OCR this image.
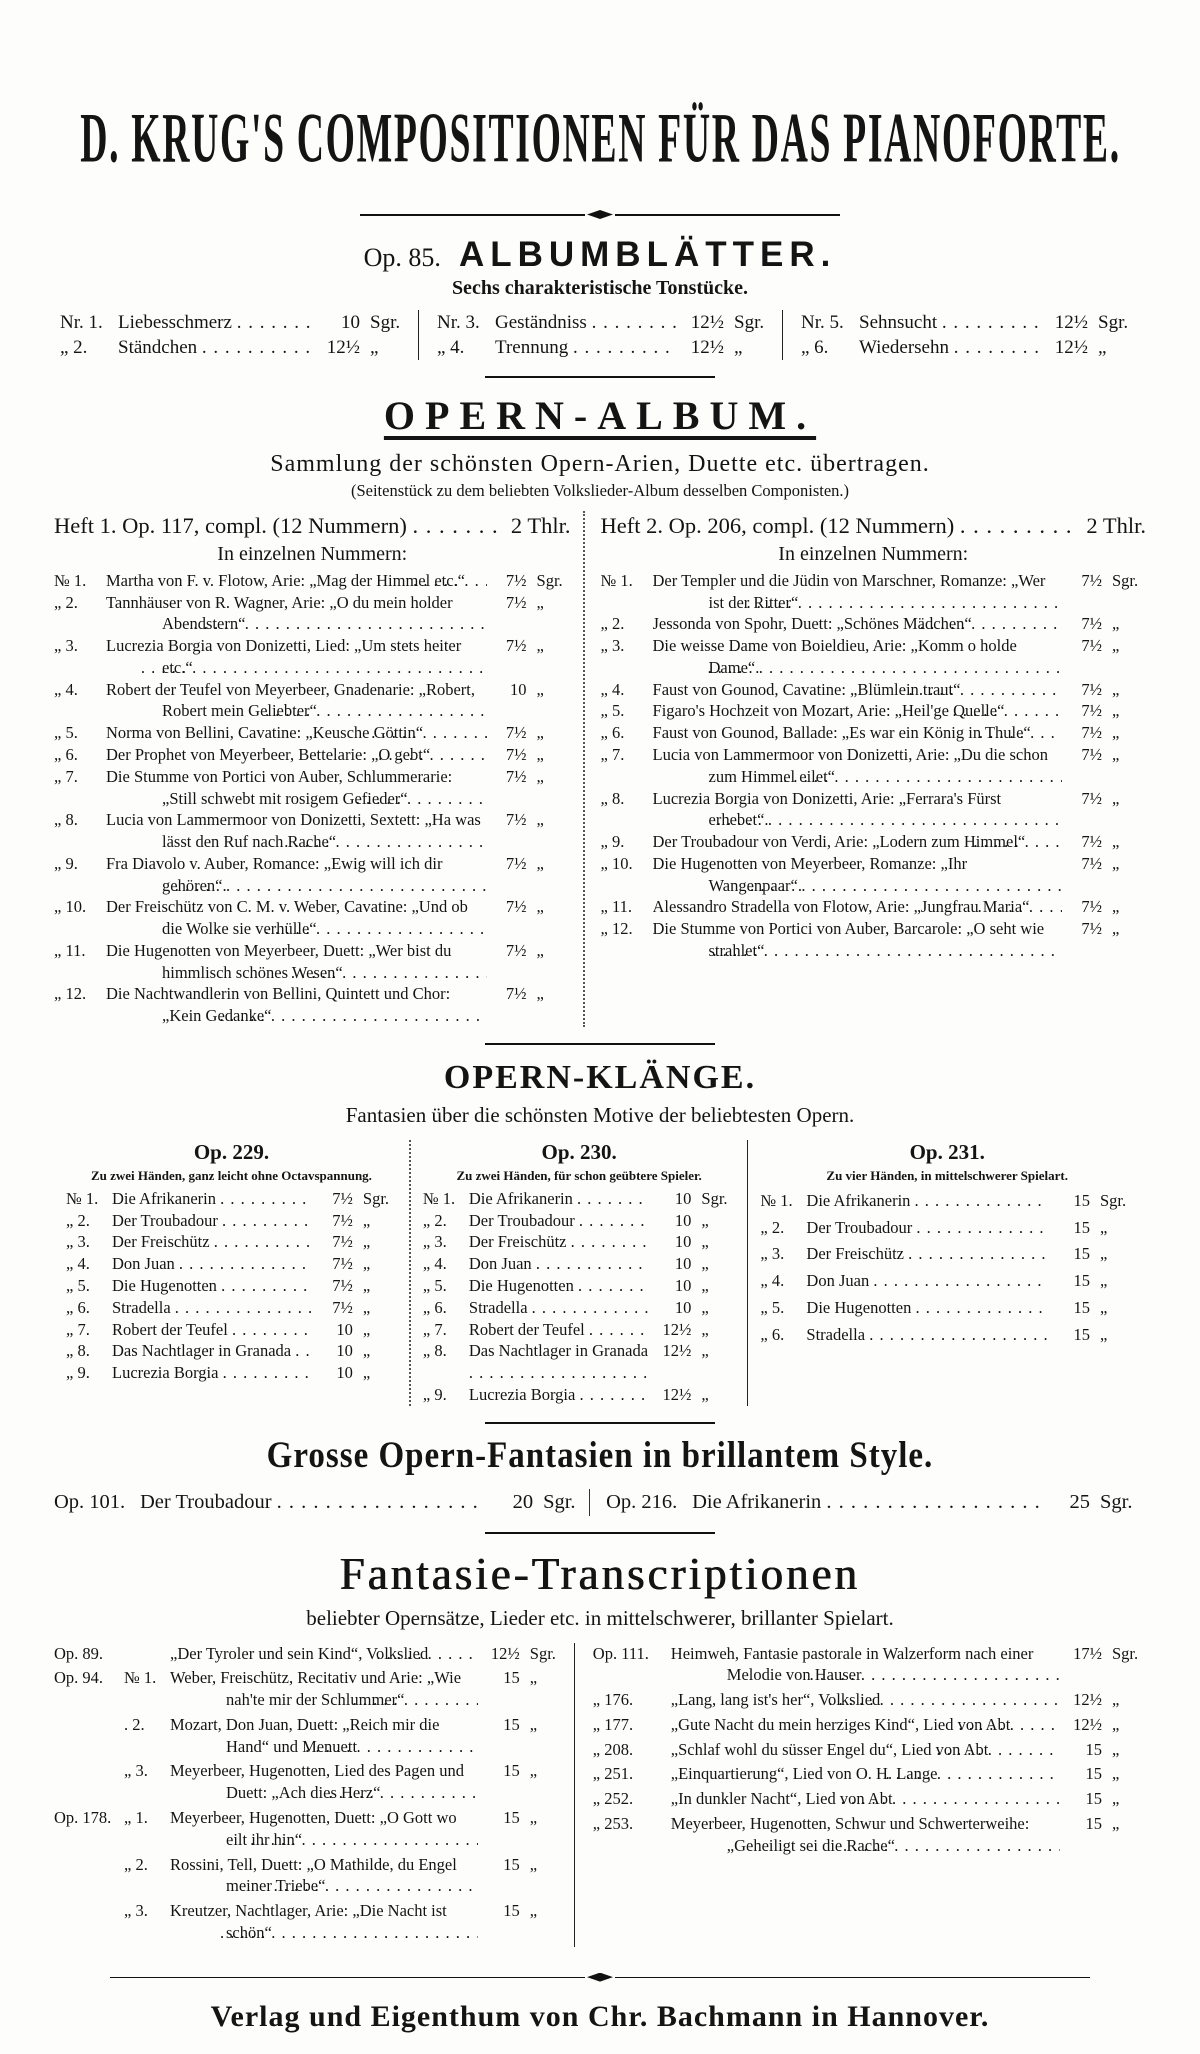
D. KRUG'S COMPOSITIONEN FÜR DAS PIANOFORTE.
Op. 85. ALBUMBLÄTTER.
Sechs charakteristische Tonstücke.
Nr. 1. Liebesschmerz	10 Sgr.
„ 2.	Ständchen	12½ „
Nr. 3. Geständniss	12½ Sgr.
„ 4.	Trennung	12½ „
Nr. 5. Sehnsucht	12½ Sgr.
„ 6.	Wiedersehn	12½ „
OPERN-ALBUM.
Sammlung der schönsten Opern-Arien, Duette etc. übertragen.
(Seitenstück zu dem beliebten Volkslieder-Album desselben Componisten.)
Heft 1. Op. 117, compl. (12 Nummern)	2 Thlr.
In einzelnen Nummern:
№ 1.	Martha von F. v. Flotow, Arie: „Mag der Himmel etc.“	7½ Sgr.
„ 2.	Tannhäuser von R. Wagner, Arie: „O du mein holder Abendstern“
7½ „
„ 3.	Lucrezia Borgia von Donizetti, Lied: „Um stets heiter etc.“
7½ „
„ 4.	Robert der Teufel von Meyerbeer, Gnadenarie: „Robert, Robert mein Geliebter“
10 „
„ 5.	Norma von Bellini, Cavatine: „Keusche Göttin“	7½ „
„ 6.	Der Prophet von Meyerbeer, Bettelarie: „O gebt“	7½ „
„ 7.	Die Stumme von Portici von Auber, Schlummerarie: „Still schwebt mit rosigem Gefieder“
7½ „
„ 8.	Lucia von Lammermoor von Donizetti, Sextett: „Ha was lässt den Ruf nach Rache“
7½ „
„ 9.	Fra Diavolo v. Auber, Romance: „Ewig will ich dir gehören“.
7½ „
„ 10.	Der Freischütz von C. M. v. Weber, Cavatine: „Und ob die Wolke sie verhülle“
7½ „
„ 11.	Die Hugenotten von Meyerbeer, Duett: „Wer bist du himmlisch schönes Wesen“
7½ „
„ 12.	Die Nachtwandlerin von Bellini, Quintett und Chor: „Kein Gedanke“
7½ „
Heft 2. Op. 206, compl. (12 Nummern)	2 Thlr.
In einzelnen Nummern:
№ 1.	Der Templer und die Jüdin von Marschner, Romanze: „Wer ist der Ritter“
7½ Sgr.
„ 2.	Jessonda von Spohr, Duett: „Schönes Mädchen“	7½ „
„ 3.	Die weisse Dame von Boieldieu, Arie: „Komm o holde Dame“.
7½ „
„ 4.	Faust von Gounod, Cavatine: „Blümlein traut“	7½ „
„ 5.	Figaro's Hochzeit von Mozart, Arie: „Heil'ge Quelle“	7½ „
„ 6.	Faust von Gounod, Ballade: „Es war ein König in Thule“	7½ „
„ 7.	Lucia von Lammermoor von Donizetti, Arie: „Du die schon zum Himmel eilet“
7½ „
„ 8.	Lucrezia Borgia von Donizetti, Arie: „Ferrara's Fürst erhebet“.
7½ „
„ 9.	Der Troubadour von Verdi, Arie: „Lodern zum Himmel“	7½ „
„ 10.	Die Hugenotten von Meyerbeer, Romanze: „Ihr Wangenpaar“.
7½ „
„ 11.	Alessandro Stradella von Flotow, Arie: „Jungfrau Maria“	7½ „
„ 12.	Die Stumme von Portici von Auber, Barcarole: „O seht wie strahlet“
7½ „
OPERN-KLÄNGE.
Fantasien über die schönsten Motive der beliebtesten Opern.
Op. 229.
Zu zwei Händen, ganz leicht ohne Octavspannung.
№ 1. Die Afrikanerin	7½ Sgr.
„ 2.	Der Troubadour	7½ „
„ 3.	Der Freischütz	7½ „
„ 4.	Don Juan	7½ „
„ 5.	Die Hugenotten	7½ „
„ 6.	Stradella	7½ „
„ 7.	Robert der Teufel	10 „
„ 8.	Das Nachtlager in Granada	10 „
„ 9.	Lucrezia Borgia	10 „
Op. 230.
Zu zwei Händen, für schon geübtere Spieler.
№ 1. Die Afrikanerin	10 Sgr.
„ 2.	Der Troubadour	10 „
„ 3.	Der Freischütz	10 „
„ 4.	Don Juan	10 „
„ 5.	Die Hugenotten	10 „
„ 6.	Stradella	10 „
„ 7.	Robert der Teufel	12½ „
„ 8.	Das Nachtlager in Granada 12½ „
„ 9.	Lucrezia Borgia	12½ „
Op. 231.
Zu vier Händen, in mittelschwerer Spielart.
№ 1. Die Afrikanerin	15 Sgr.
„ 2.	Der Troubadour	15 „
„ 3.	Der Freischütz	15 „
„ 4.	Don Juan	15 „
„ 5.	Die Hugenotten	15 „
„ 6.	Stradella	15 „
Grosse Opern-Fantasien in brillantem Style.
Op. 101. Der Troubadour	20 Sgr.	Op. 216. Die Afrikanerin	25 Sgr.
Fantasie-Transcriptionen
beliebter Opernsätze, Lieder etc. in mittelschwerer, brillanter Spielart.
Op. 89.	„Der Tyroler und sein Kind“, Volkslied	12½ Sgr.
Op. 94.	№ 1. Weber, Freischütz, Recitativ und Arie: „Wie nah'te mir der Schlummer“
15 „
. 2.	Mozart, Don Juan, Duett: „Reich mir die Hand“ und Menuett
15 „
„ 3.	Meyerbeer, Hugenotten, Lied des Pagen und Duett: „Ach dies Herz“
15 „
Op. 178. „ 1.	Meyerbeer, Hugenotten, Duett: „O Gott wo eilt ihr hin“
15 „
„ 2.	Rossini, Tell, Duett: „O Mathilde, du Engel meiner Triebe“
15 „
„ 3.	Kreutzer, Nachtlager, Arie: „Die Nacht ist schön“
15 „
Op. 111.	Heimweh, Fantasie pastorale in Walzerform nach einer Melodie von Hauser
17½ Sgr.
„ 176.	„Lang, lang ist's her“, Volkslied	12½ „
„ 177.	„Gute Nacht du mein herziges Kind“, Lied von Abt	12½ „
„ 208.	„Schlaf wohl du süsser Engel du“, Lied von Abt	15 „
„ 251.	„Einquartierung“, Lied von O. H. Lange	15 „
„ 252.	„In dunkler Nacht“, Lied von Abt	15 „
„ 253.	Meyerbeer, Hugenotten, Schwur und Schwerterweihe: „Geheiligt sei die Rache“
15 „
Verlag und Eigenthum von Chr. Bachmann in Hannover.
